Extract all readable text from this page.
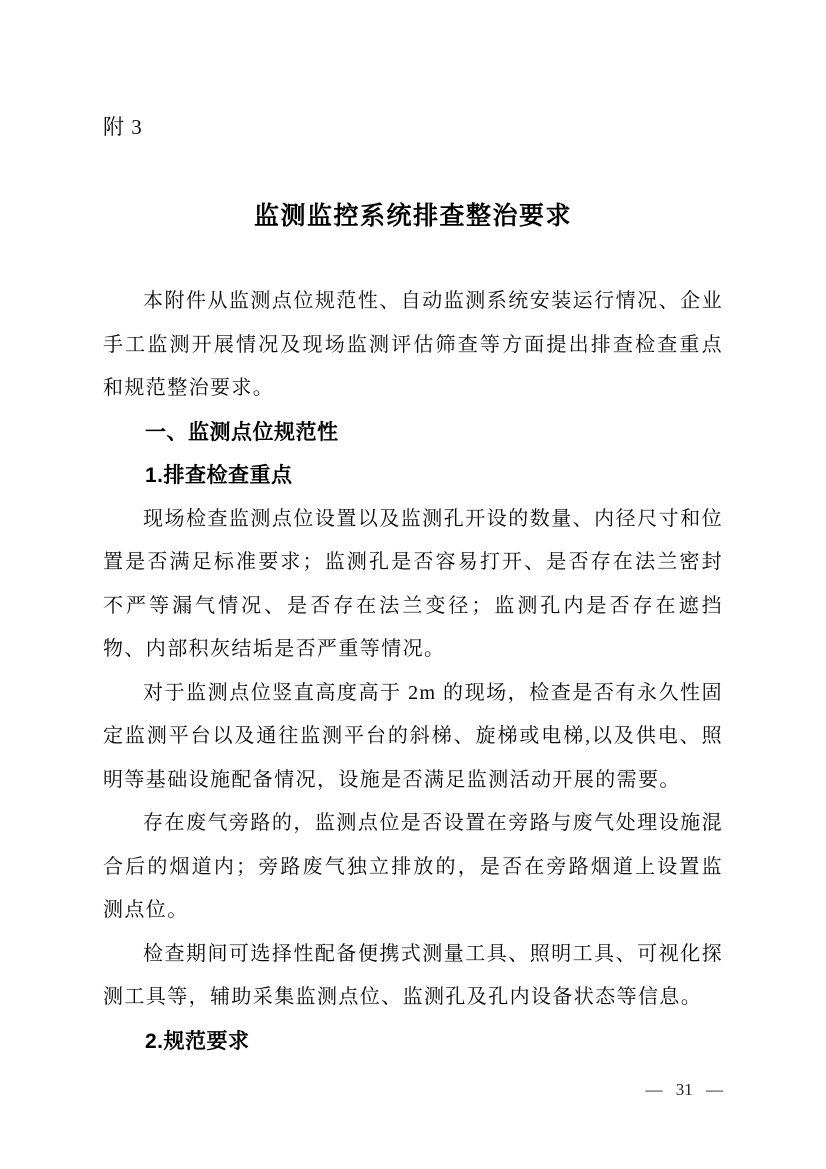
附 3
监测监控系统排查整治要求

本附件从监测点位规范性、自动监测系统安装运行情况、企业手工监测开展情况及现场监测评估筛查等方面提出排查检查重点和规范整治要求。

一、监测点位规范性
1.排查检查重点

现场检查监测点位设置以及监测孔开设的数量、内径尺寸和位置是否满足标准要求；监测孔是否容易打开、是否存在法兰密封不严等漏气情况、是否存在法兰变径；监测孔内是否存在遮挡物、内部积灰结垢是否严重等情况。

对于监测点位竖直高度高于 2m 的现场，检查是否有永久性固定监测平台以及通往监测平台的斜梯、旋梯或电梯,以及供电、照明等基础设施配备情况，设施是否满足监测活动开展的需要。

存在废气旁路的，监测点位是否设置在旁路与废气处理设施混合后的烟道内；旁路废气独立排放的，是否在旁路烟道上设置监测点位。

检查期间可选择性配备便携式测量工具、照明工具、可视化探测工具等，辅助采集监测点位、监测孔及孔内设备状态等信息。

2.规范要求
— 31 —
